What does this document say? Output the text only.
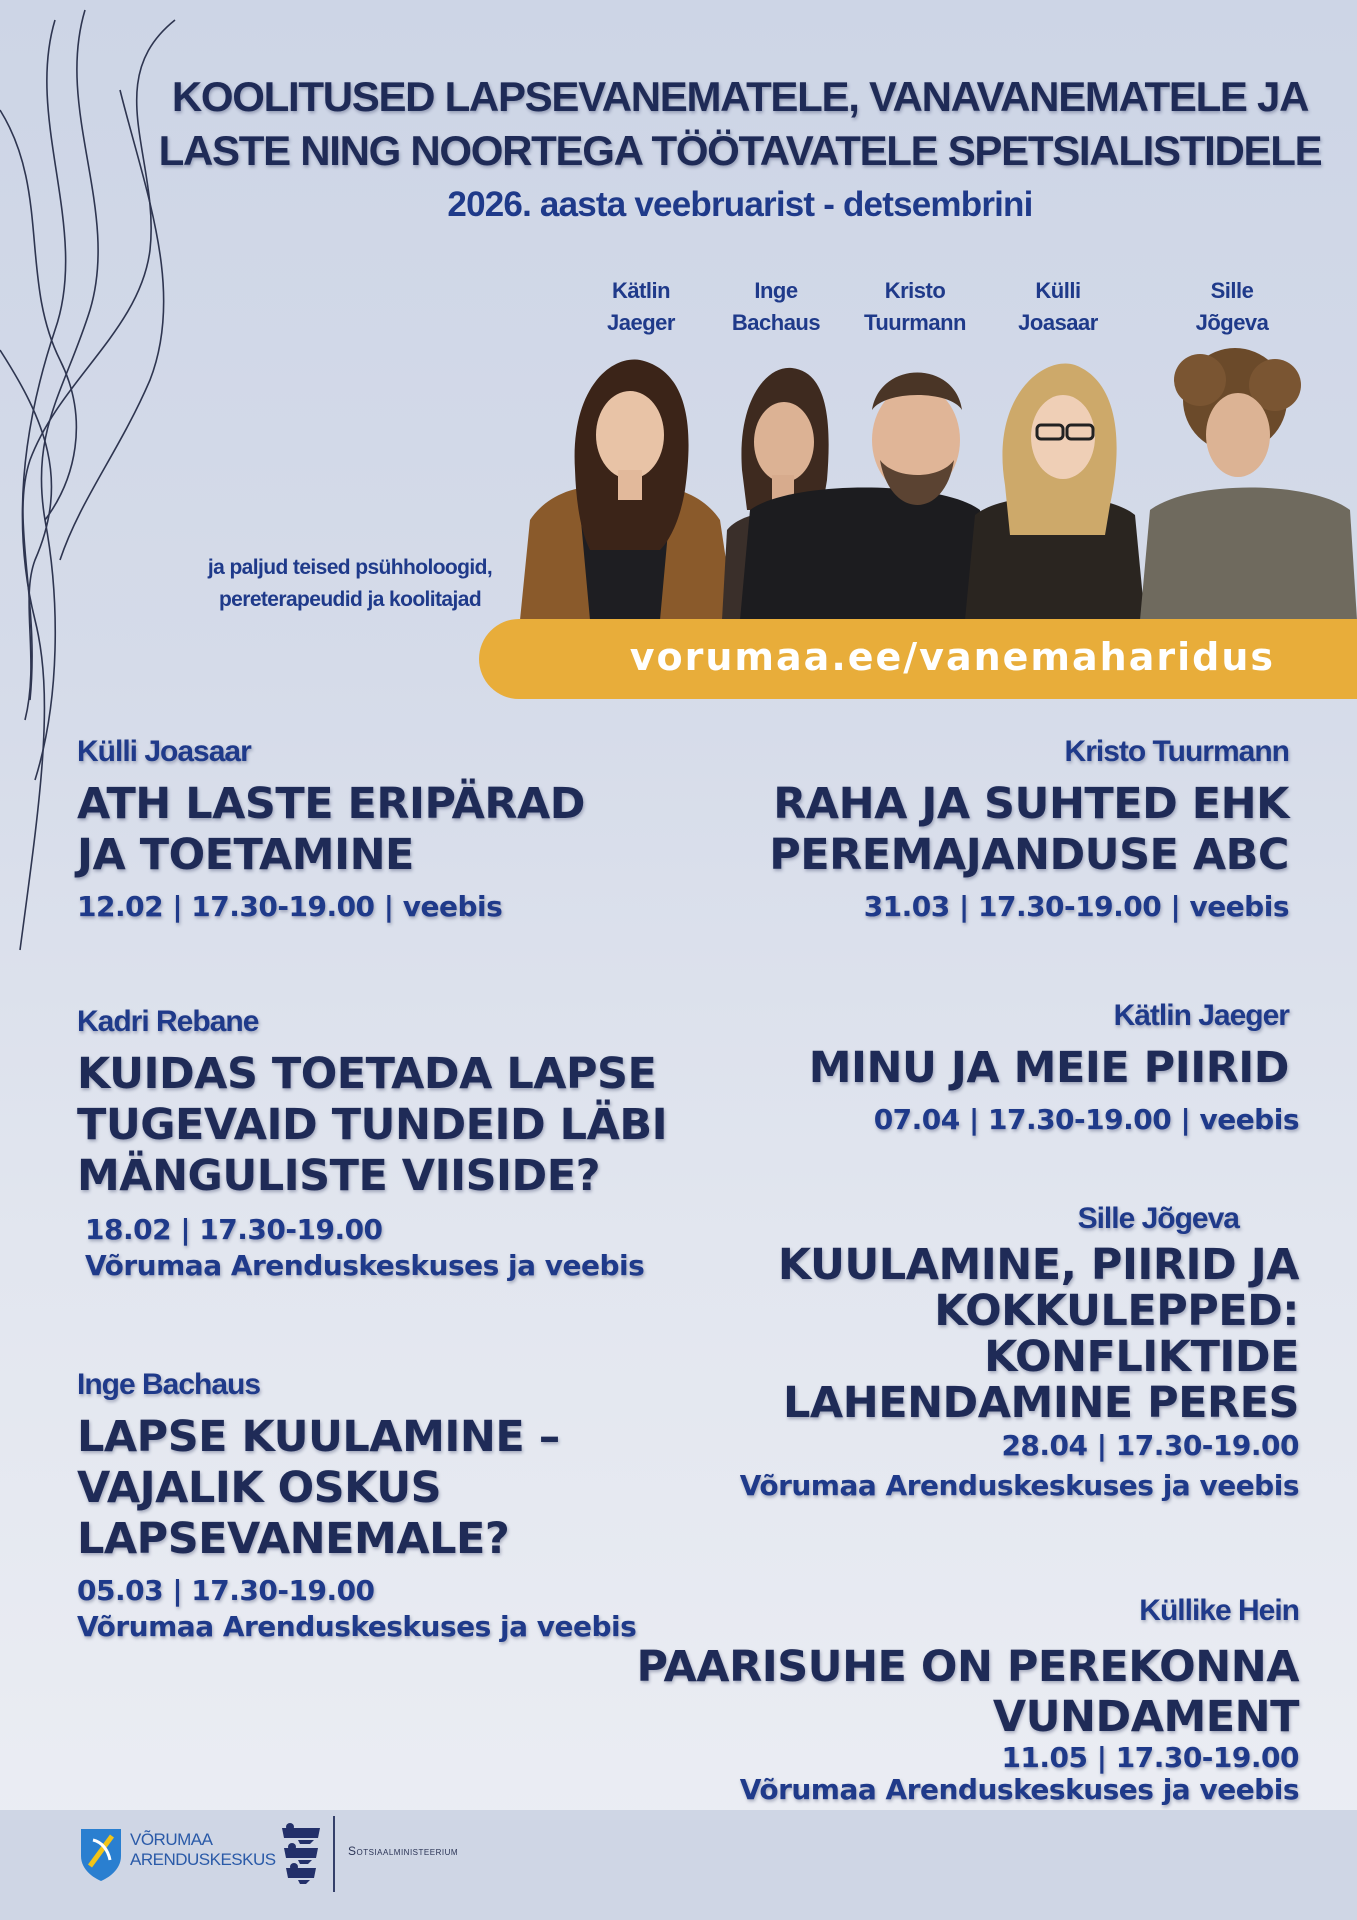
KOOLITUSED LAPSEVANEMATELE, VANAVANEMATELE JA
LASTE NING NOORTEGA TÖÖTAVATELE SPETSIALISTIDELE
2026. aasta veebruarist - detsembrini
Kätlin
Jaeger
Inge
Bachaus
Kristo
Tuurmann
Külli
Joasaar
Sille
Jõgeva
ja paljud teised psühholoogid,
pereterapeudid ja koolitajad
vorumaa.ee/vanemaharidus
Külli Joasaar
ATH LASTE ERIPÄRAD
JA TOETAMINE
12.02 | 17.30-19.00 | veebis
Kadri Rebane
KUIDAS TOETADA LAPSE
TUGEVAID TUNDEID LÄBI
MÄNGULISTE VIISIDE?
18.02 | 17.30-19.00
Võrumaa Arenduskeskuses ja veebis
Inge Bachaus
LAPSE KUULAMINE –
VAJALIK OSKUS
LAPSEVANEMALE?
05.03 | 17.30-19.00
Võrumaa Arenduskeskuses ja veebis
Kristo Tuurmann
RAHA JA SUHTED EHK
PEREMAJANDUSE ABC
31.03 | 17.30-19.00 | veebis
Kätlin Jaeger
MINU JA MEIE PIIRID
07.04 | 17.30-19.00 | veebis
Sille Jõgeva
KUULAMINE, PIIRID JA
KOKKULEPPED:
KONFLIKTIDE
LAHENDAMINE PERES
28.04 | 17.30-19.00
Võrumaa Arenduskeskuses ja veebis
Küllike Hein
PAARISUHE ON PEREKONNA
VUNDAMENT
11.05 | 17.30-19.00
Võrumaa Arenduskeskuses ja veebis
VÕRUMAA
ARENDUSKESKUS	Sotsiaalministeerium
